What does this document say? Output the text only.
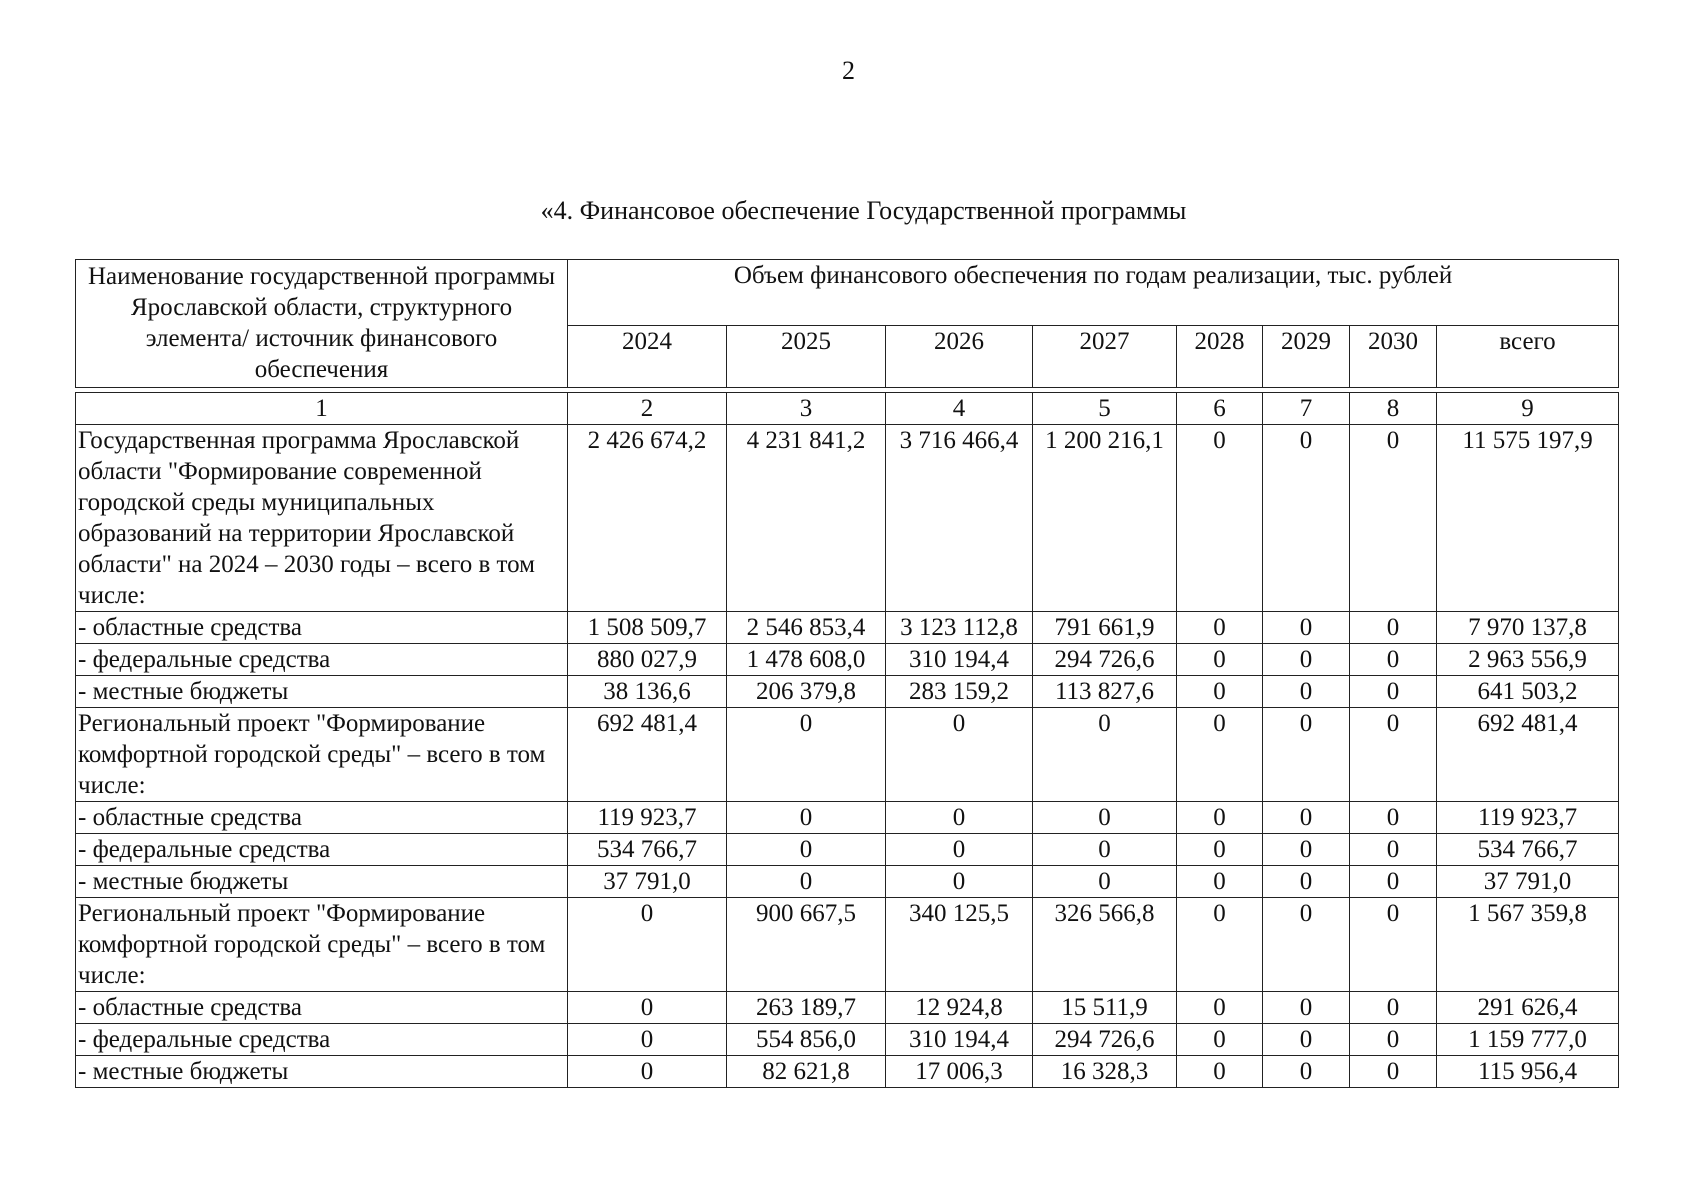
2
«4. Финансовое обеспечение Государственной программы
Наименование государственной программы Ярославской области, структурного элемента/ источник финансового обеспечения	Объем финансового обеспечения по годам реализации, тыс. рублей							
	2024	2025	2026	2027	2028	2029	2030	всего

1	2	3	4	5	6	7	8	9
Государственная программа Ярославской области "Формирование современной городской среды муниципальных образований на территории Ярославской области" на 2024 – 2030 годы – всего в том числе:	2 426 674,2	4 231 841,2	3 716 466,4	1 200 216,1	0	0	0	11 575 197,9
- областные средства	1 508 509,7	2 546 853,4	3 123 112,8	791 661,9	0	0	0	7 970 137,8
- федеральные средства	880 027,9	1 478 608,0	310 194,4	294 726,6	0	0	0	2 963 556,9
- местные бюджеты	38 136,6	206 379,8	283 159,2	113 827,6	0	0	0	641 503,2
Региональный проект "Формирование комфортной городской среды" – всего в том числе:	692 481,4	0	0	0	0	0	0	692 481,4
- областные средства	119 923,7	0	0	0	0	0	0	119 923,7
- федеральные средства	534 766,7	0	0	0	0	0	0	534 766,7
- местные бюджеты	37 791,0	0	0	0	0	0	0	37 791,0
Региональный проект "Формирование комфортной городской среды" – всего в том числе:	0	900 667,5	340 125,5	326 566,8	0	0	0	1 567 359,8
- областные средства	0	263 189,7	12 924,8	15 511,9	0	0	0	291 626,4
- федеральные средства	0	554 856,0	310 194,4	294 726,6	0	0	0	1 159 777,0
- местные бюджеты	0	82 621,8	17 006,3	16 328,3	0	0	0	115 956,4
